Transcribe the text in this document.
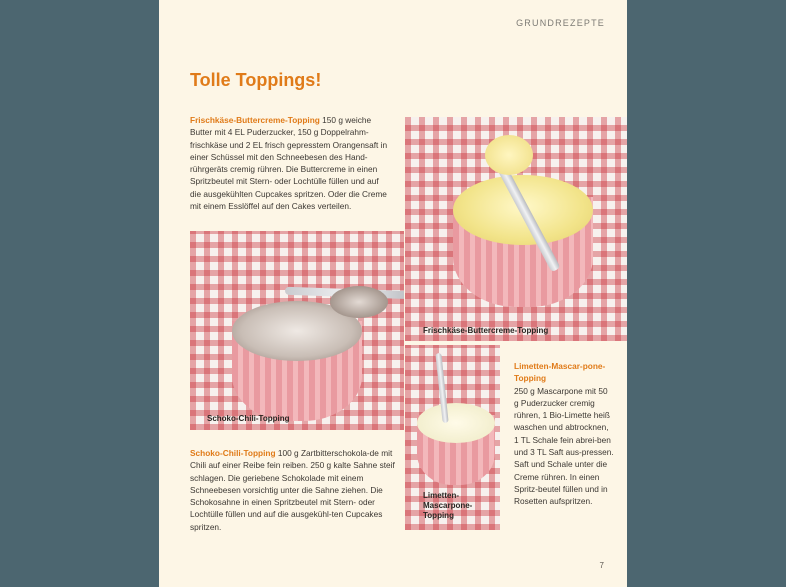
GRUNDREZEPTE
Tolle Toppings!
Frischkäse-Buttercreme-Topping 150 g weiche Butter mit 4 EL Puderzucker, 150 g Doppelrahm-frischkäse und 2 EL frisch gepresstem Orangensaft in einer Schüssel mit den Schneebesen des Hand-rührgeräts cremig rühren. Die Buttercreme in einen Spritzbeutel mit Stern- oder Lochtülle füllen und auf die ausgekühlten Cupcakes spritzen. Oder die Creme mit einem Esslöffel auf den Cakes verteilen.
Frischkäse-Buttercreme-Topping
Schoko-Chili-Topping
Limetten-
Mascarpone-
Topping
Schoko-Chili-Topping 100 g Zartbitterschokola-de mit Chili auf einer Reibe fein reiben. 250 g kalte Sahne steif schlagen. Die geriebene Schokolade mit einem Schneebesen vorsichtig unter die Sahne ziehen. Die Schokosahne in einen Spritzbeutel mit Stern- oder Lochtülle füllen und auf die ausgekühl-ten Cupcakes spritzen.
Limetten-Mascar-pone-Topping
250 g Mascarpone mit 50 g Puderzucker cremig rühren, 1 Bio-Limette heiß waschen und abtrocknen, 1 TL Schale fein abrei-ben und 3 TL Saft aus-pressen. Saft und Schale unter die Creme rühren. In einen Spritz-beutel füllen und in Rosetten aufspritzen.
7
